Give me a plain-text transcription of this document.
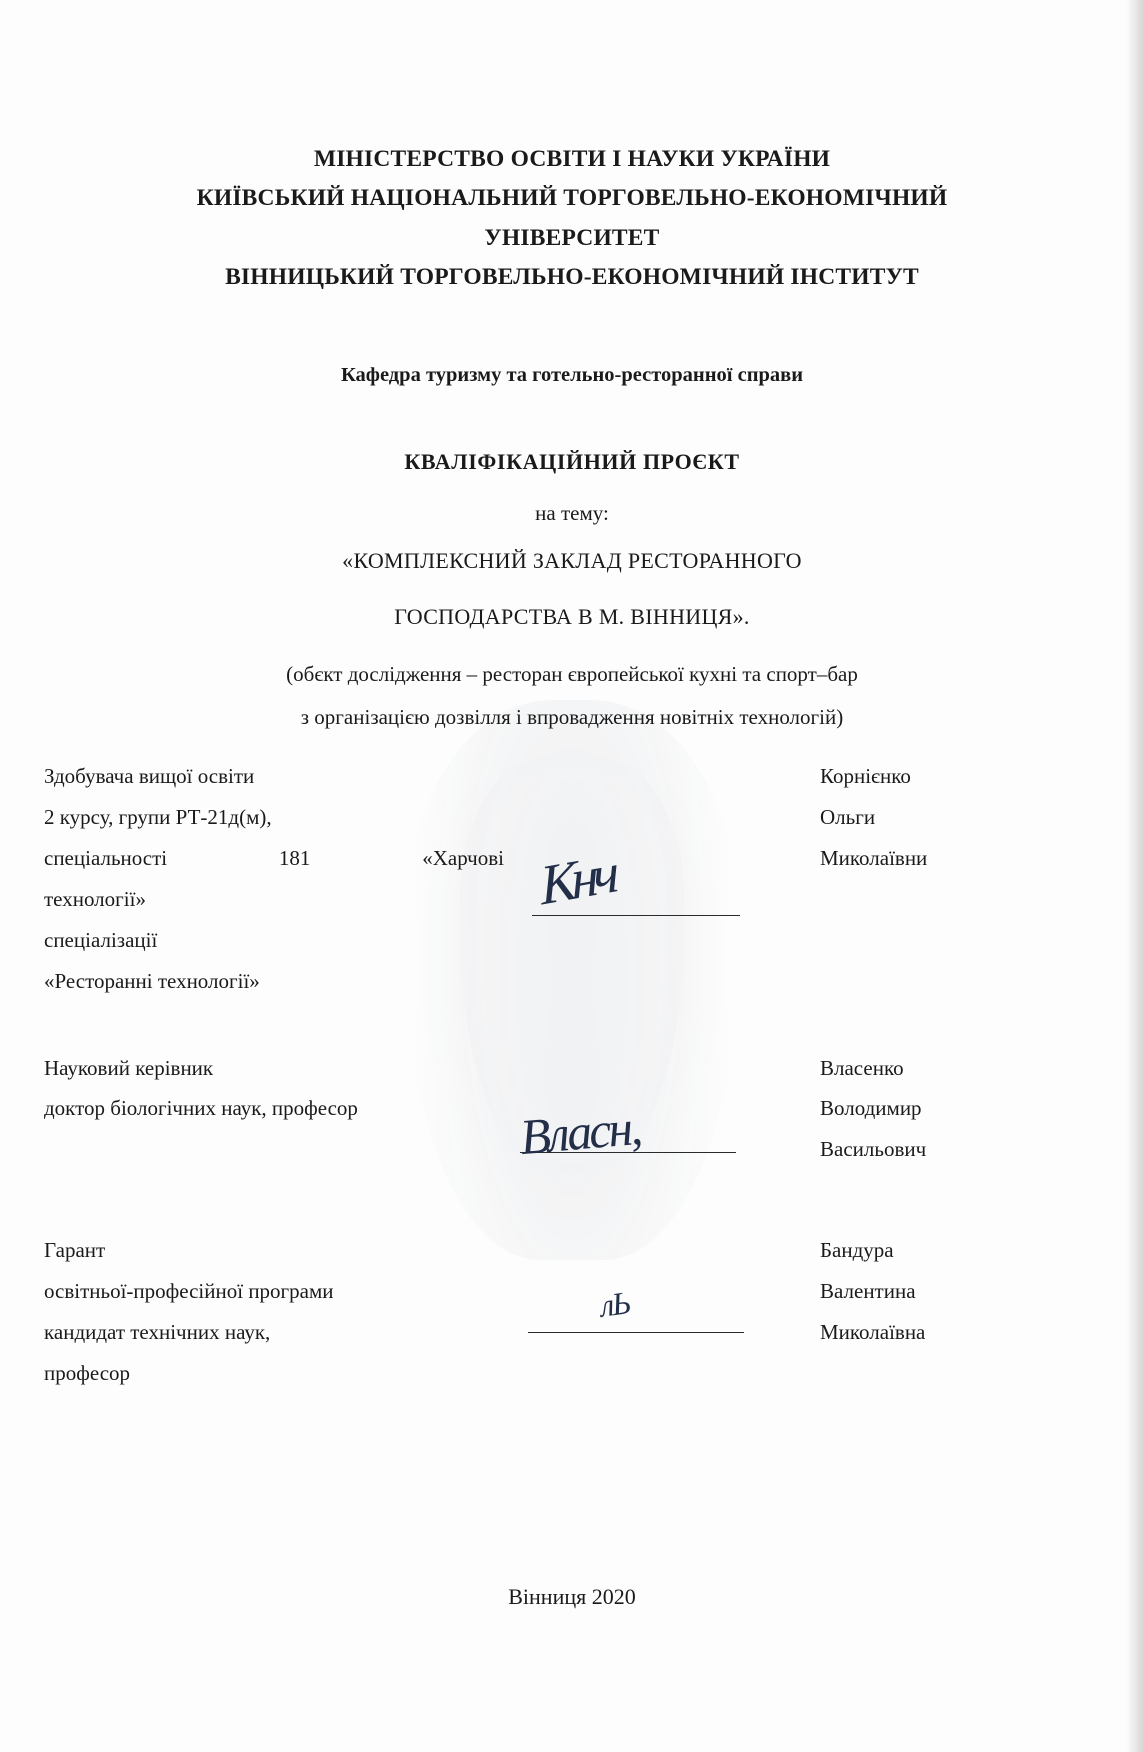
МІНІСТЕРСТВО ОСВІТИ І НАУКИ УКРАЇНИ
КИЇВСЬКИЙ НАЦІОНАЛЬНИЙ ТОРГОВЕЛЬНО-ЕКОНОМІЧНИЙ
УНІВЕРСИТЕТ
ВІННИЦЬКИЙ ТОРГОВЕЛЬНО-ЕКОНОМІЧНИЙ ІНСТИТУТ
Кафедра туризму та готельно-ресторанної справи
КВАЛІФІКАЦІЙНИЙ ПРОЄКТ
на тему:
«КОМПЛЕКСНИЙ ЗАКЛАД РЕСТОРАННОГО
ГОСПОДАРСТВА В М. ВІННИЦЯ».
(обєкт дослідження – ресторан європейської кухні та спорт–бар
з організацією дозвілля і впровадження новітніх технологій)
Здобувача вищої освіти	Корнієнко
2 курсу, групи РТ-21д(м),	Ольги
спеціальності	181	«Харчові	Миколаївни
технології»
спеціалізації
«Ресторанні технології»
Науковий керівник	Власенко
доктор біологічних наук, професор	Володимир
Васильович
Гарант	Бандура
освітньої-професійної програми	Валентина
кандидат технічних наук,	Миколаївна
професор
Вінниця 2020
Кнч
Власн,
лЬ
